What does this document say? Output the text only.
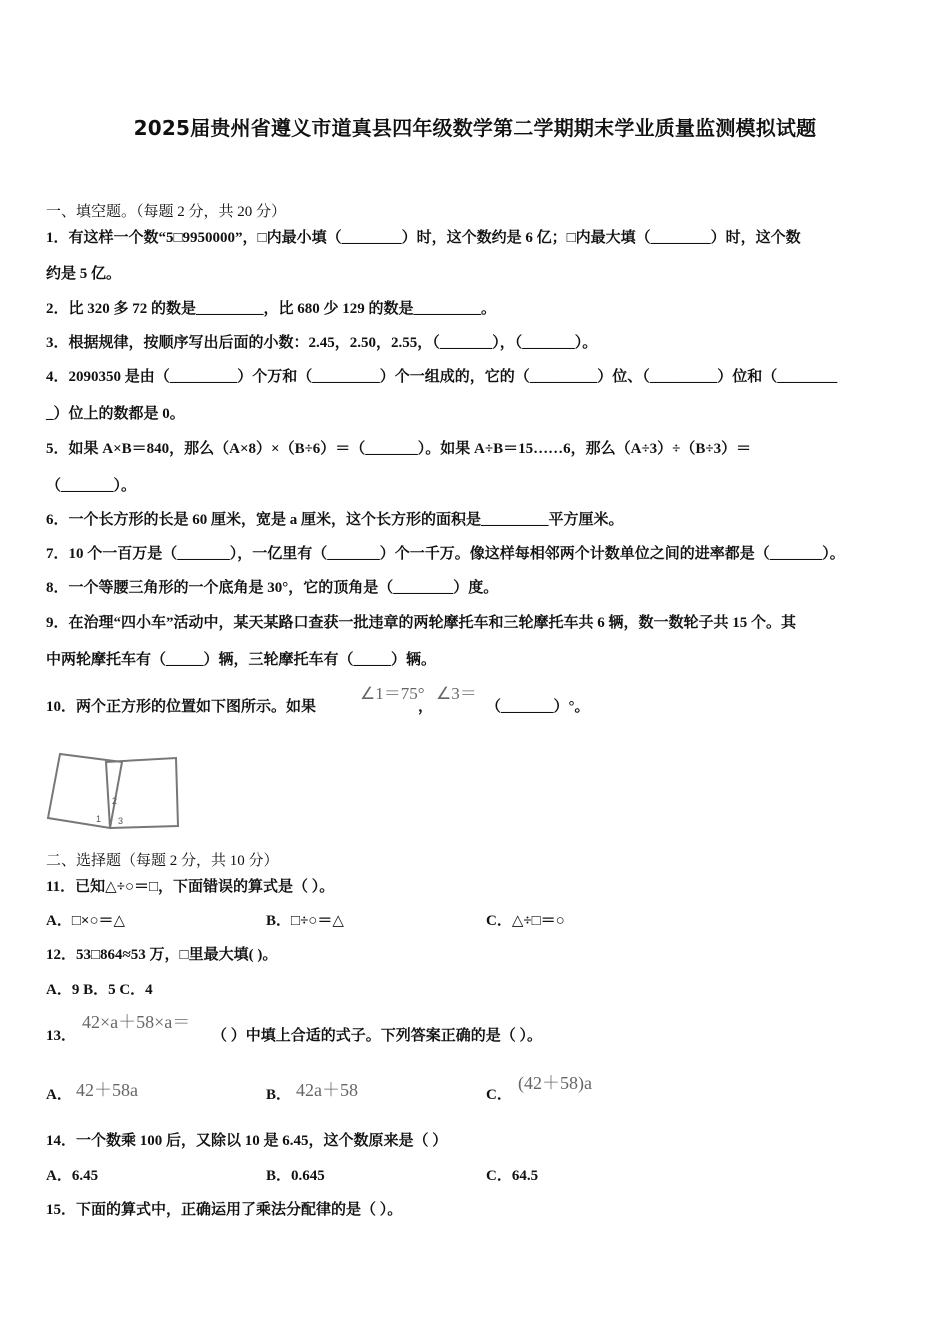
2025届贵州省遵义市道真县四年级数学第二学期期末学业质量监测模拟试题
一、填空题。（每题 2 分，共 20 分）
1．有这样一个数“5□9950000”，□内最小填（________）时，这个数约是 6 亿；□内最大填（________）时，这个数
约是 5 亿。
2．比 320 多 72 的数是_________，比 680 少 129 的数是_________。
3．根据规律，按顺序写出后面的小数：2.45，2.50，2.55，（_______），（_______）。
4．2090350 是由（_________）个万和（_________）个一组成的，它的（_________）位、（_________）位和（________
_）位上的数都是 0。
5．如果 A×B＝840，那么（A×8）×（B÷6）＝（_______）。如果 A÷B＝15……6，那么（A÷3）÷（B÷3）＝
（_______）。
6．一个长方形的长是 60 厘米，宽是 a 厘米，这个长方形的面积是_________平方厘米。
7．10 个一百万是（_______），一亿里有（_______）个一千万。像这样每相邻两个计数单位之间的进率都是（_______）。
8．一个等腰三角形的一个底角是 30°，它的顶角是（________）度。
9．在治理“四小车”活动中，某天某路口查获一批违章的两轮摩托车和三轮摩托车共 6 辆，数一数轮子共 15 个。其
中两轮摩托车有（_____）辆，三轮摩托车有（_____）辆。
10．两个正方形的位置如下图所示。如果
∠1＝75°
，
∠3＝
（_______）°。
1
2
3
二、选择题（每题 2 分，共 10 分）
11．已知△÷○＝□，下面错误的算式是（ ）。
A．□×○＝△	B．□÷○＝△	C．△÷□＝○
12．53□864≈53 万，□里最大填( )。
A．9 B．5 C．4
13．
42×a＋58×a＝
（ ）中填上合适的式子。下列答案正确的是（ ）。
A． 42＋58a	B． 42a＋58	C．
(42＋58)a
14．一个数乘 100 后，又除以 10 是 6.45，这个数原来是（ ）
A．6.45	B．0.645	C．64.5
15．下面的算式中，正确运用了乘法分配律的是（ ）。
